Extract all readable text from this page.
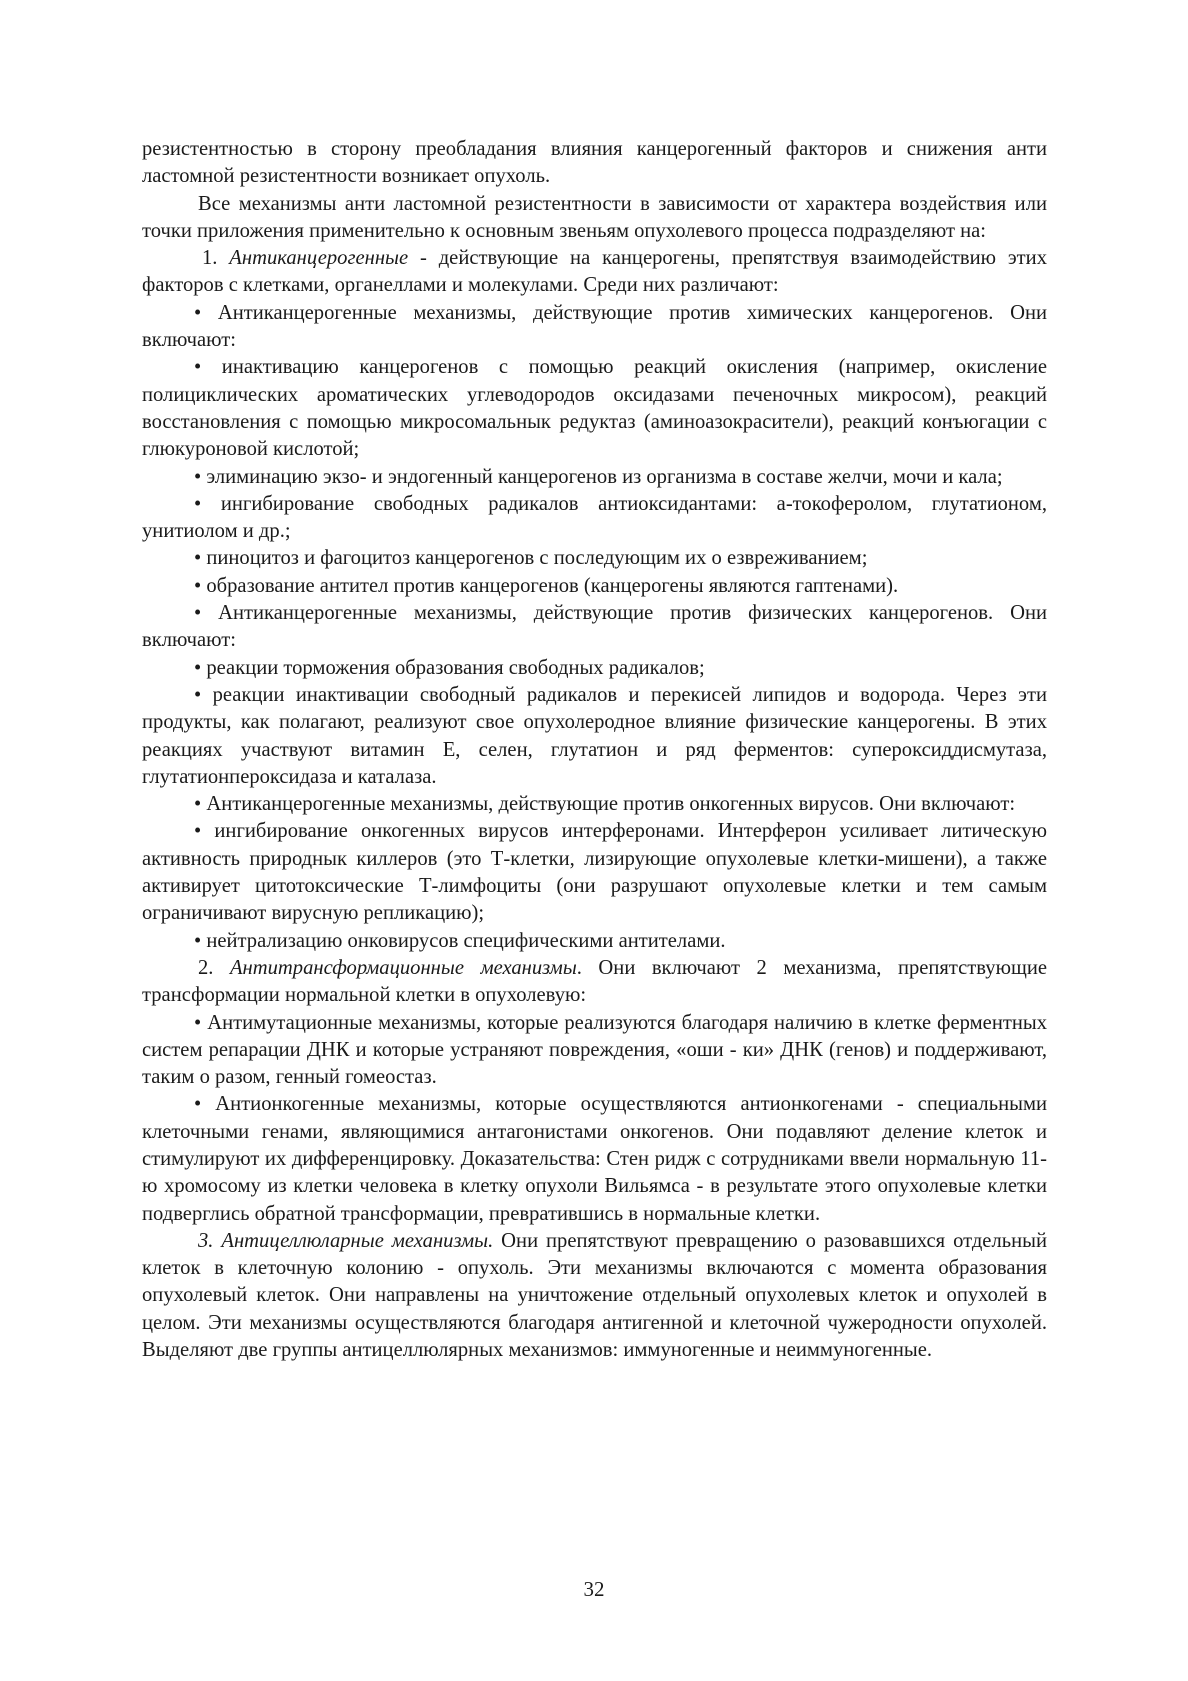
резистентностью в сторону преобладания влияния канцерогенный факторов и снижения анти ластомной резистентности возникает опухоль.

Все механизмы анти ластомной резистентности в зависимости от характера воздействия или точки приложения применительно к основным звеньям опухолевого процесса подразделяют на:

1. Антиканцерогенные - действующие на канцерогены, препятствуя взаимодействию этих факторов с клетками, органеллами и молекулами. Среди них различают:

• Антиканцерогенные механизмы, действующие против химических канцерогенов. Они включают:

• инактивацию канцерогенов с помощью реакций окисления (например, окисление полициклических ароматических углеводородов оксидазами печеночных микросом), реакций восстановления с помощью микросомальнык редуктаз (аминоазокрасители), реакций конъюгации с глюкуроновой кислотой;

• элиминацию экзо- и эндогенный канцерогенов из организма в составе желчи, мочи и кала;

• ингибирование свободных радикалов антиоксидантами: а-токоферолом, глутатионом, унитиолом и др.;

• пиноцитоз и фагоцитоз канцерогенов с последующим их о езвреживанием;

• образование антител против канцерогенов (канцерогены являются гаптенами).

• Антиканцерогенные механизмы, действующие против физических канцерогенов. Они включают:

• реакции торможения образования свободных радикалов;

• реакции инактивации свободный радикалов и перекисей липидов и водорода. Через эти продукты, как полагают, реализуют свое опухолеродное влияние физические канцерогены. В этих реакциях участвуют витамин Е, селен, глутатион и ряд ферментов: супероксиддисмутаза, глутатионпероксидаза и каталаза.

• Антиканцерогенные механизмы, действующие против онкогенных вирусов. Они включают:

• ингибирование онкогенных вирусов интерферонами. Интерферон усиливает литическую активность природнык киллеров (это Т-клетки, лизирующие опухолевые клетки-мишени), а также активирует цитотоксические Т-лимфоциты (они разрушают опухолевые клетки и тем самым ограничивают вирусную репликацию);

• нейтрализацию онковирусов специфическими антителами.

2. Антитрансформационные механизмы. Они включают 2 механизма, препятствующие трансформации нормальной клетки в опухолевую:

• Антимутационные механизмы, которые реализуются благодаря наличию в клетке ферментных систем репарации ДНК и которые устраняют повреждения, «оши - ки» ДНК (генов) и поддерживают, таким о разом, генный гомеостаз.

• Антионкогенные механизмы, которые осуществляются антионкогенами - специальными клеточными генами, являющимися антагонистами онкогенов. Они подавляют деление клеток и стимулируют их дифференцировку. Доказательства: Стен ридж с сотрудниками ввели нормальную 11-ю хромосому из клетки человека в клетку опухоли Вильямса - в результате этого опухолевые клетки подверглись обратной трансформации, превратившись в нормальные клетки.

3. Антицеллюларные механизмы. Они препятствуют превращению о разовавшихся отдельный клеток в клеточную колонию - опухоль. Эти механизмы включаются с момента образования опухолевый клеток. Они направлены на уничтожение отдельный опухолевых клеток и опухолей в целом. Эти механизмы осуществляются благодаря антигенной и клеточной чужеродности опухолей. Выделяют две группы антицеллюлярных механизмов: иммуногенные и неиммуногенные.

32
